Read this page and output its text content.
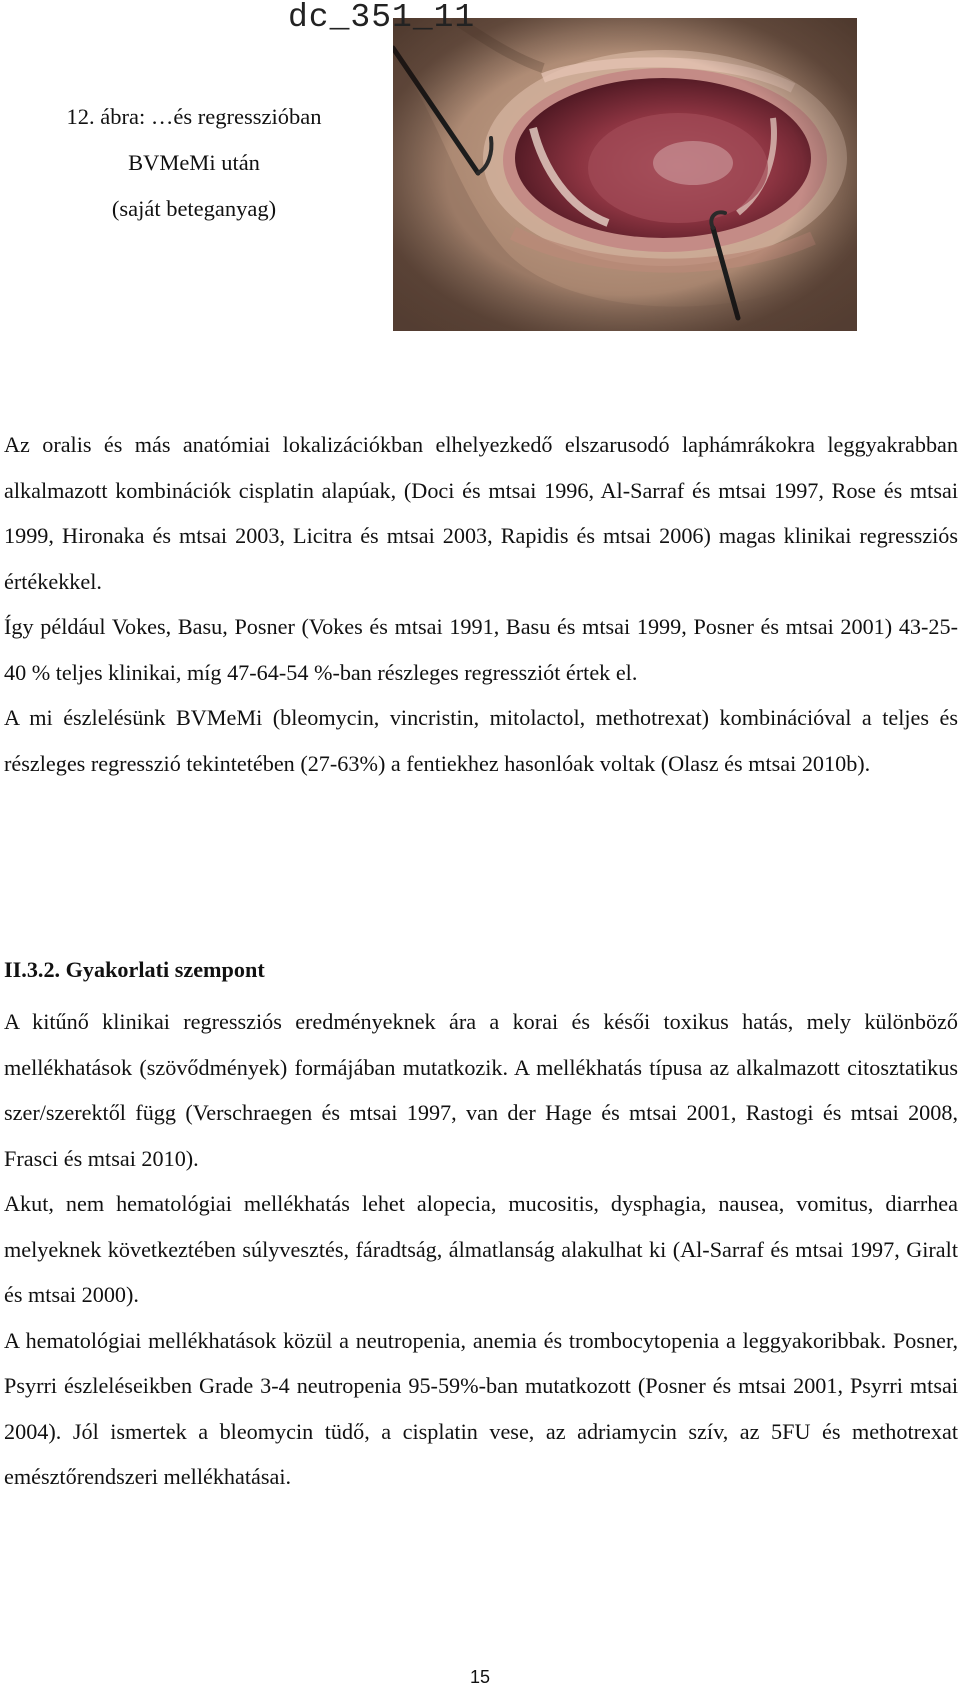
dc_351_11
12. ábra: …és regresszióban
BVMeMi után
(saját beteganyag)

Az oralis és más anatómiai lokalizációkban elhelyezkedő elszarusodó laphámrákokra leggyakrabban alkalmazott kombinációk cisplatin alapúak, (Doci és mtsai 1996, Al-Sarraf és mtsai 1997, Rose és mtsai 1999, Hironaka és mtsai 2003, Licitra és mtsai 2003, Rapidis és mtsai 2006) magas klinikai regressziós értékekkel.

Így például Vokes, Basu, Posner (Vokes és mtsai 1991, Basu és mtsai 1999, Posner és mtsai 2001) 43-25-40 % teljes klinikai, míg 47-64-54 %-ban részleges regressziót értek el.

A mi észlelésünk BVMeMi (bleomycin, vincristin, mitolactol, methotrexat) kombinációval a teljes és részleges regresszió tekintetében (27-63%) a fentiekhez hasonlóak voltak (Olasz és mtsai 2010b).

II.3.2. Gyakorlati szempont

A kitűnő klinikai regressziós eredményeknek ára a korai és késői toxikus hatás, mely különböző mellékhatások (szövődmények) formájában mutatkozik. A mellékhatás típusa az alkalmazott citosztatikus szer/szerektől függ (Verschraegen és mtsai 1997, van der Hage és mtsai 2001, Rastogi és mtsai 2008, Frasci és mtsai 2010).

Akut, nem hematológiai mellékhatás lehet alopecia, mucositis, dysphagia, nausea, vomitus, diarrhea melyeknek következtében súlyvesztés, fáradtság, álmatlanság alakulhat ki (Al-Sarraf és mtsai 1997, Giralt és mtsai 2000).

A hematológiai mellékhatások közül a neutropenia, anemia és trombocytopenia a leggyakoribbak. Posner, Psyrri észleléseikben Grade 3-4 neutropenia 95-59%-ban mutatkozott (Posner és mtsai 2001, Psyrri mtsai 2004). Jól ismertek a bleomycin tüdő, a cisplatin vese, az adriamycin szív, az 5FU és methotrexat emésztőrendszeri mellékhatásai.

15
